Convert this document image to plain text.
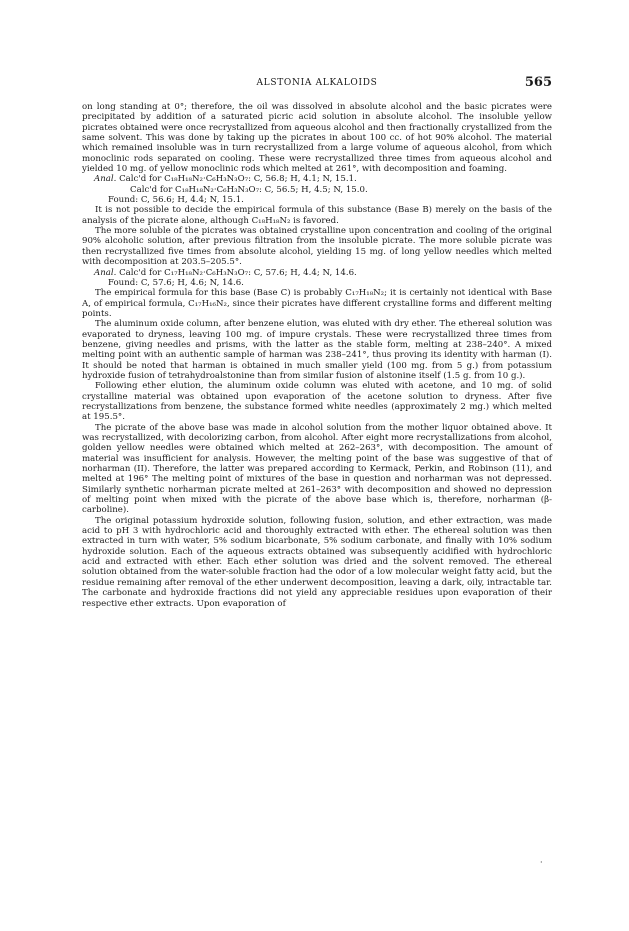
ALSTONIA ALKALOIDS	565

on long standing at 0°; therefore, the oil was dissolved in absolute alcohol and the basic picrates were precipitated by addition of a saturated picric acid solution in absolute alcohol. The insoluble yellow picrates obtained were once recrystallized from aqueous alcohol and then fractionally crystallized from the same solvent. This was done by taking up the picrates in about 100 cc. of hot 90% alcohol. The material which remained insoluble was in turn recrystallized from a large volume of aqueous alcohol, from which monoclinic rods separated on cooling. These were recrystallized three times from aqueous alcohol and yielded 10 mg. of yellow monoclinic rods which melted at 261°, with decomposition and foaming.

Anal. Calc'd for C₁₈H₁₈N₂·C₆H₃N₃O₇: C, 56.8; H, 4.1; N, 15.1.
Calc'd for C₁₈H₁₈N₂·C₆H₃N₃O₇: C, 56.5; H, 4.5; N, 15.0.
Found: C, 56.6; H, 4.4; N, 15.1.

It is not possible to decide the empirical formula of this substance (Base B) merely on the basis of the analysis of the picrate alone, although C₁₈H₁₈N₂ is favored.

The more soluble of the picrates was obtained crystalline upon concentration and cooling of the original 90% alcoholic solution, after previous filtration from the insoluble picrate. The more soluble picrate was then recrystallized five times from absolute alcohol, yielding 15 mg. of long yellow needles which melted with decomposition at 203.5–205.5°.

Anal. Calc'd for C₁₇H₁₈N₂·C₆H₃N₃O₇: C, 57.6; H, 4.4; N, 14.6.
Found: C, 57.6; H, 4.6; N, 14.6.

The empirical formula for this base (Base C) is probably C₁₇H₁₈N₂; it is certainly not identical with Base A, of empirical formula, C₁₇H₁₆N₂, since their picrates have different crystalline forms and different melting points.

The aluminum oxide column, after benzene elution, was eluted with dry ether. The ethereal solution was evaporated to dryness, leaving 100 mg. of impure crystals. These were recrystallized three times from benzene, giving needles and prisms, with the latter as the stable form, melting at 238–240°. A mixed melting point with an authentic sample of harman was 238–241°, thus proving its identity with harman (I). It should be noted that harman is obtained in much smaller yield (100 mg. from 5 g.) from potassium hydroxide fusion of tetrahydroalstonine than from similar fusion of alstonine itself (1.5 g. from 10 g.).

Following ether elution, the aluminum oxide column was eluted with acetone, and 10 mg. of solid crystalline material was obtained upon evaporation of the acetone solution to dryness. After five recrystallizations from benzene, the substance formed white needles (approximately 2 mg.) which melted at 195.5°.

The picrate of the above base was made in alcohol solution from the mother liquor obtained above. It was recrystallized, with decolorizing carbon, from alcohol. After eight more recrystallizations from alcohol, golden yellow needles were obtained which melted at 262–263°, with decomposition. The amount of material was insufficient for analysis. However, the melting point of the base was suggestive of that of norharman (II). Therefore, the latter was prepared according to Kermack, Perkin, and Robinson (11), and melted at 196° The melting point of mixtures of the base in question and norharman was not depressed. Similarly synthetic norharman picrate melted at 261–263° with decomposition and showed no depression of melting point when mixed with the picrate of the above base which is, therefore, norharman (β-carboline).

The original potassium hydroxide solution, following fusion, solution, and ether extraction, was made acid to pH 3 with hydrochloric acid and thoroughly extracted with ether. The ethereal solution was then extracted in turn with water, 5% sodium bicarbonate, 5% sodium carbonate, and finally with 10% sodium hydroxide solution. Each of the aqueous extracts obtained was subsequently acidified with hydrochloric acid and extracted with ether. Each ether solution was dried and the solvent removed. The ethereal solution obtained from the water-soluble fraction had the odor of a low molecular weight fatty acid, but the residue remaining after removal of the ether underwent decomposition, leaving a dark, oily, intractable tar. The carbonate and hydroxide fractions did not yield any appreciable residues upon evaporation of their respective ether extracts. Upon evaporation of

·
